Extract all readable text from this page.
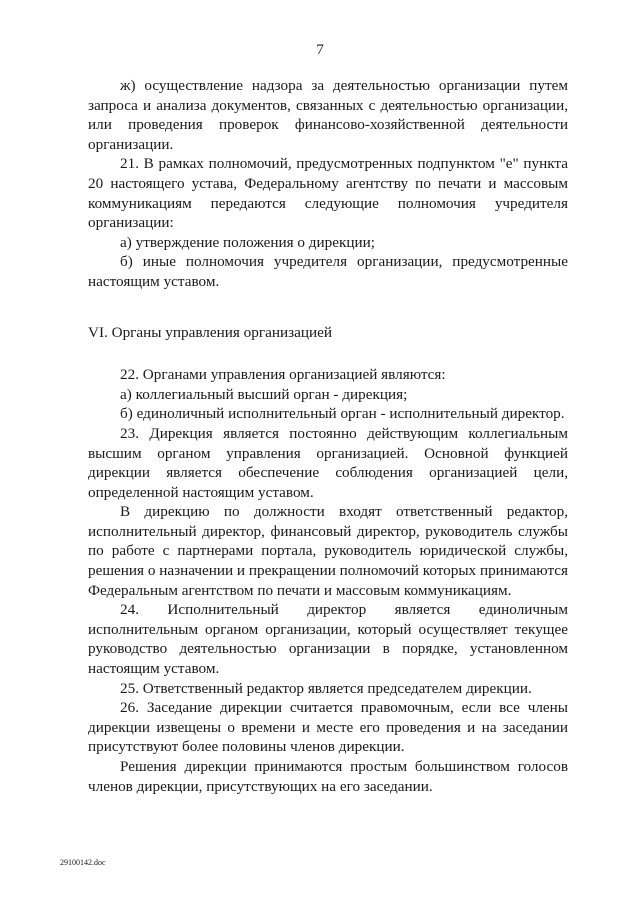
7

ж) осуществление надзора за деятельностью организации путем запроса и анализа документов, связанных с деятельностью организации, или проведения проверок финансово-хозяйственной деятельности организации.

21. В рамках полномочий, предусмотренных подпунктом "е" пункта 20 настоящего устава, Федеральному агентству по печати и массовым коммуникациям передаются следующие полномочия учредителя организации:

а) утверждение положения о дирекции;

б) иные полномочия учредителя организации, предусмотренные настоящим уставом.

VI. Органы управления организацией

22. Органами управления организацией являются:

а) коллегиальный высший орган - дирекция;

б) единоличный исполнительный орган - исполнительный директор.

23. Дирекция является постоянно действующим коллегиальным высшим органом управления организацией. Основной функцией дирекции является обеспечение соблюдения организацией цели, определенной настоящим уставом.

В дирекцию по должности входят ответственный редактор, исполнительный директор, финансовый директор, руководитель службы по работе с партнерами портала, руководитель юридической службы, решения о назначении и прекращении полномочий которых принимаются Федеральным агентством по печати и массовым коммуникациям.

24. Исполнительный директор является единоличным исполнительным органом организации, который осуществляет текущее руководство деятельностью организации в порядке, установленном настоящим уставом.

25. Ответственный редактор является председателем дирекции.

26. Заседание дирекции считается правомочным, если все члены дирекции извещены о времени и месте его проведения и на заседании присутствуют более половины членов дирекции.

Решения дирекции принимаются простым большинством голосов членов дирекции, присутствующих на его заседании.

29100142.doc
